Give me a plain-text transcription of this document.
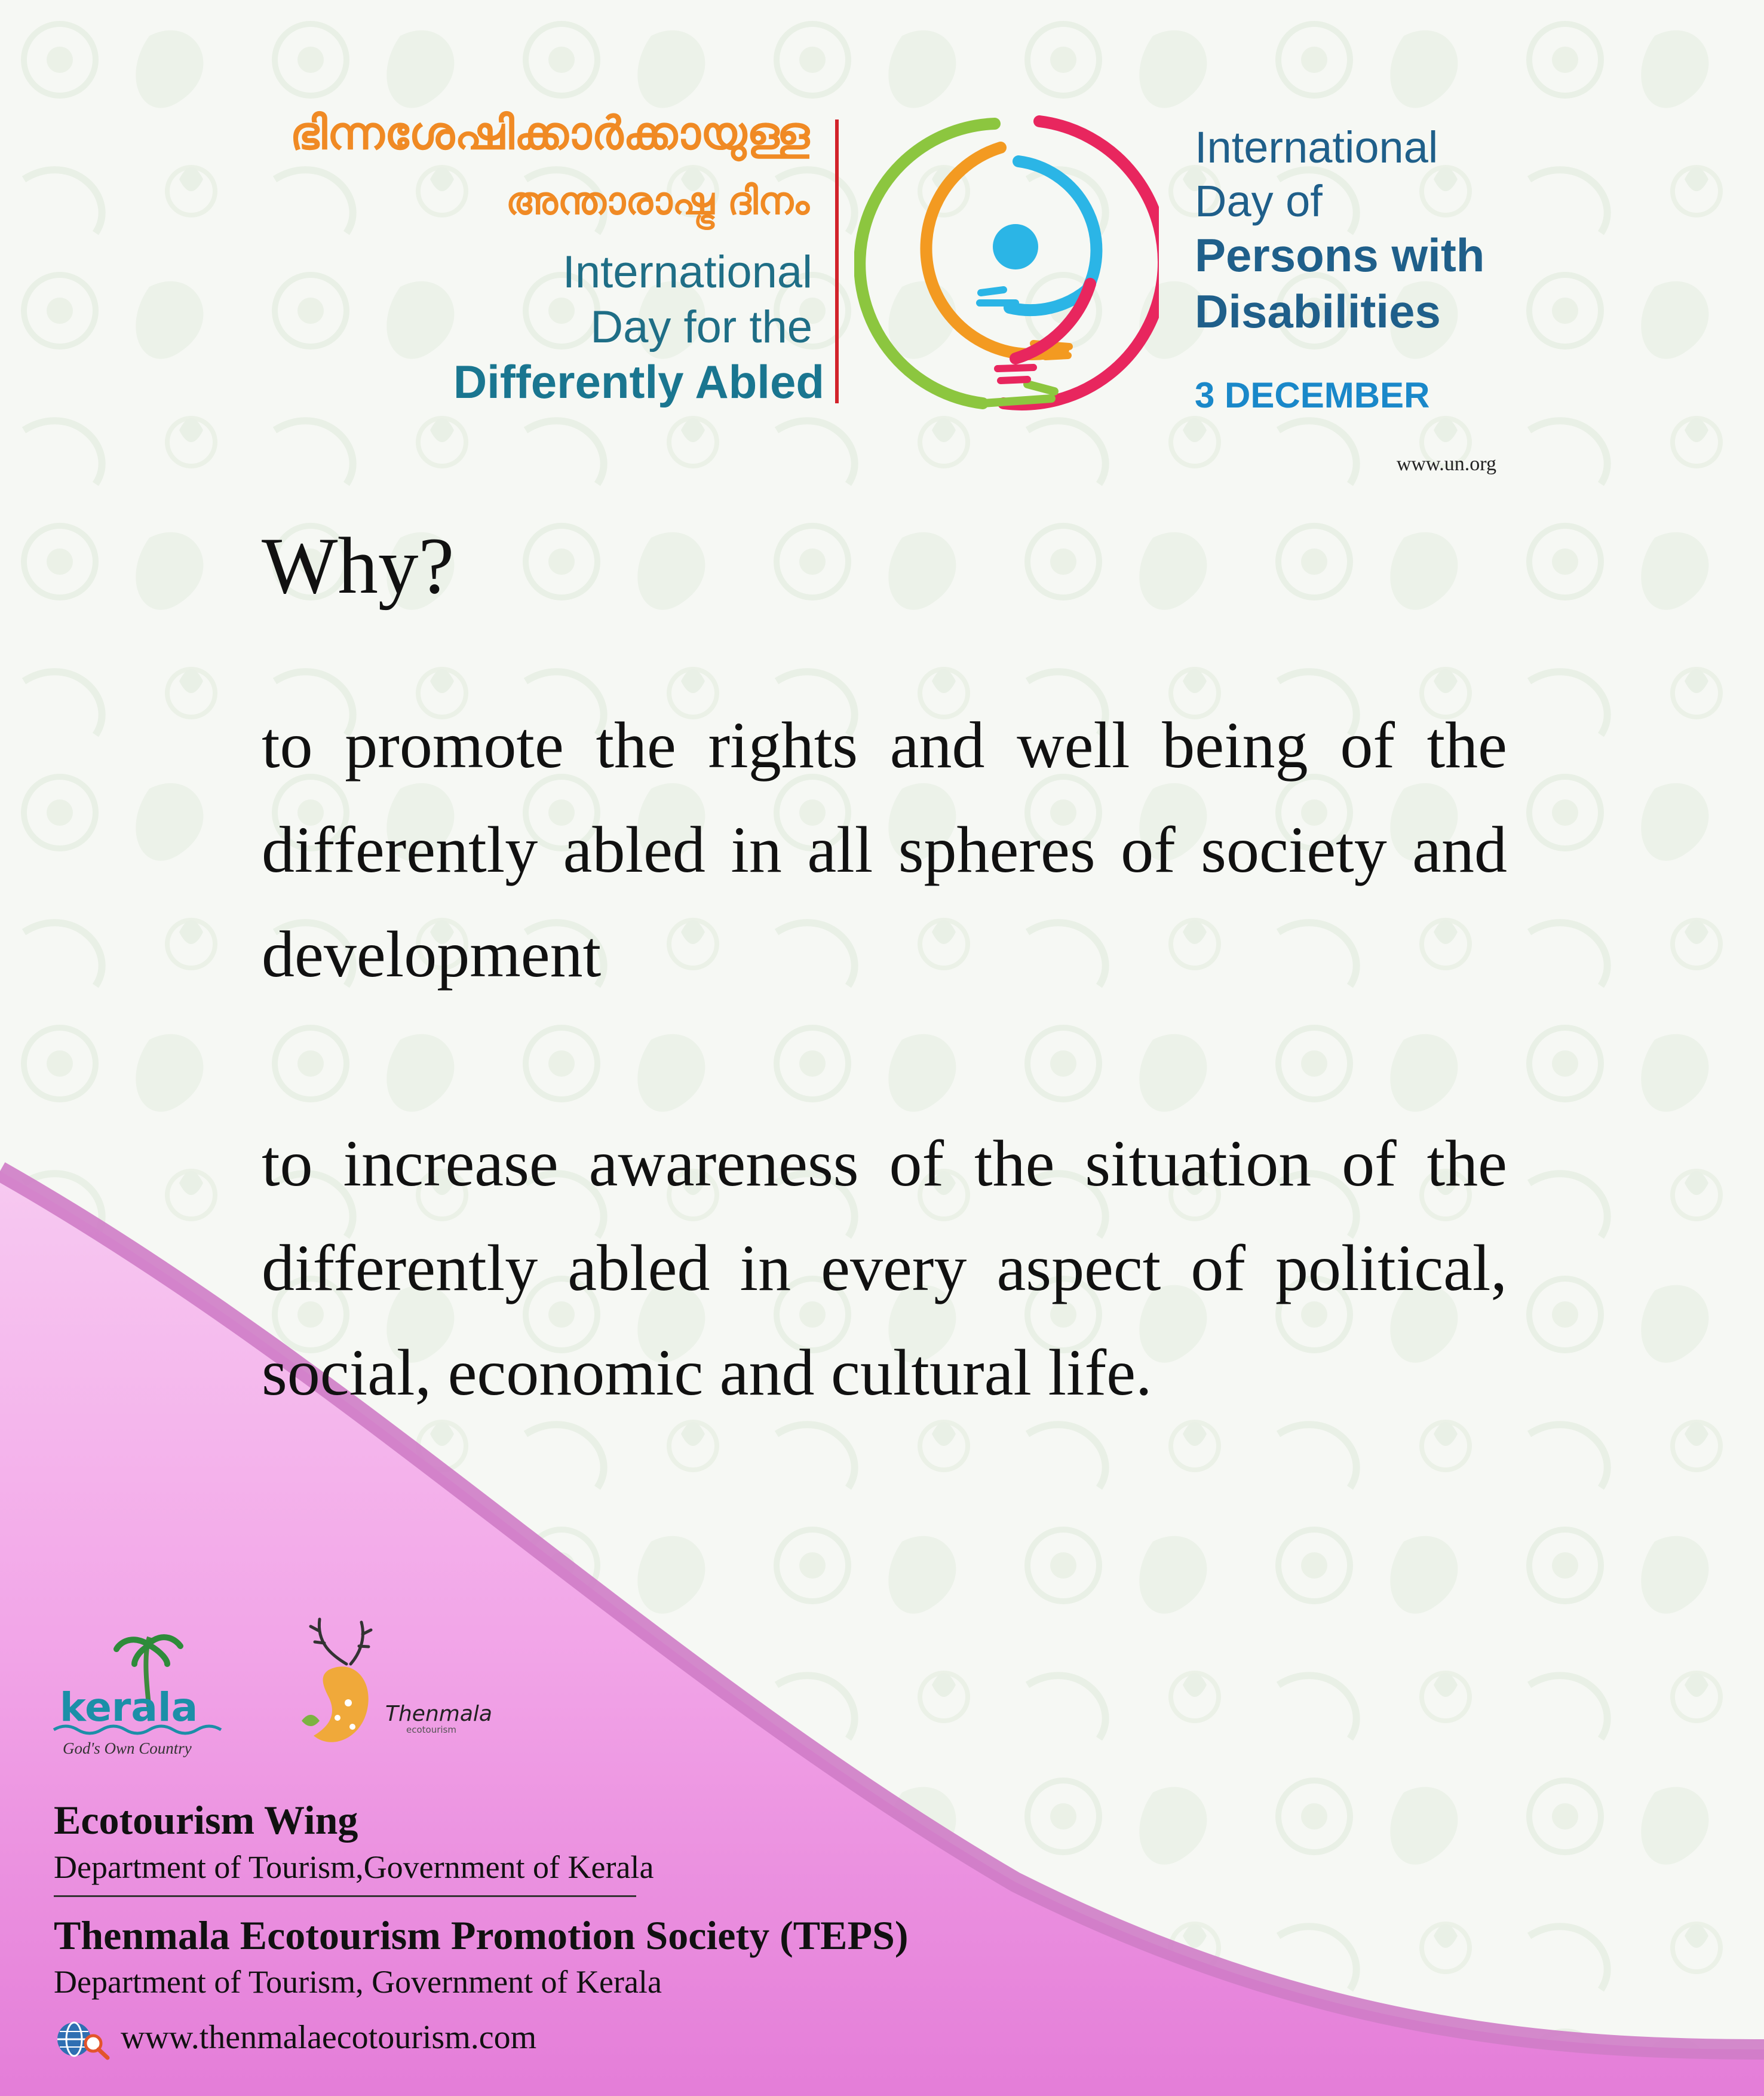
ഭിന്നശേഷിക്കാർക്കായുള്ള
അന്താരാഷ്ട്ര ദിനം
International
Day for the
Differently Abled
International
Day of
Persons with
Disabilities
3 DECEMBER
www.un.org
Why?
to promote the rights and well being of the differently abled in all spheres of society and development
to increase awareness of the situation of the differently abled in every aspect of political, social, economic and cultural life.
kerala
God's Own Country
Thenmala
ecotourism
Ecotourism Wing
Department of Tourism,Government of Kerala
Thenmala Ecotourism Promotion Society (TEPS)
Department of Tourism, Government of Kerala
www.thenmalaecotourism.com
